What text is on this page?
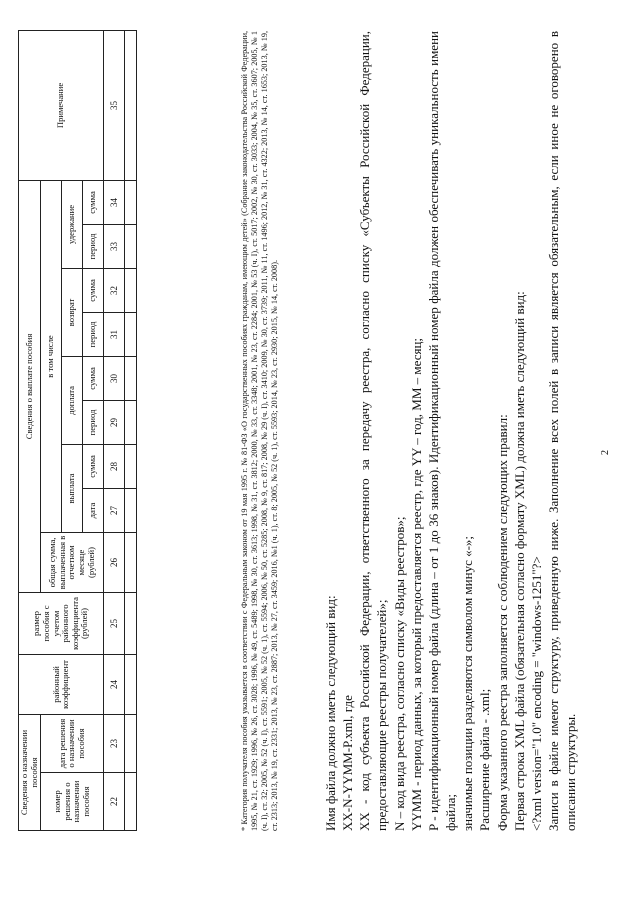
Сведения о назначении пособия		районный коэффициент	размер пособия с учетом районного коэффициента (рублей)	Сведения о выплате пособия									Примечание
номер решения о назначении пособия	дата решения о назначении пособия			общая сумма, выплаченная в отчетном месяце (рублей)	в том числе								
					выплата		доплата		возврат		удержание		
					дата	сумма	период	сумма	период	сумма	период	сумма	
22	23	24	25	26	27	28	29	30	31	32	33	34	35
														* Категория получателя пособия указывается в соответствии с Федеральным законом от 19 мая 1995 г. № 81-ФЗ «О государственных пособиях гражданам, имеющим детей» (Собрание законодательства Российской Федерации, 1995, № 21, ст. 1929; 1996, № 26, ст. 3028; 1996, № 49, ст. 5489; 1998, № 30, ст. 3613; 1998, № 31, ст. 3812; 2000, № 33, ст. 3348; 2001, № 23, ст. 2284; 2001, № 53 (ч. I), ст. 5017; 2002, № 30, ст. 3033; 2004, № 35, ст. 3607; 2005, № 1 (ч. I), ст. 32; 2005, № 52 (ч. I), ст. 5591; 2005, № 52 (ч. 1), ст. 5594; 2006, № 50, ст. 5285; 2008, № 9, ст. 817; 2008, № 29 (ч. I), ст. 3410; 2009, № 30, ст. 3739; 2011, № 11, ст. 1496; 2012, № 31, ст. 4322; 2013, № 14, ст. 1653; 2013, № 19, ст. 2313; 2013, № 19, ст. 2331; 2013, № 23, ст. 2887; 2013, № 27, ст. 3459; 2016, №1 (ч. 1), ст. 8; 2005, № 52 (ч. 1), ст. 5593; 2014, № 23, ст. 2930; 2015, № 14, ст. 2008).	Имя файла должно иметь следующий вид: XX-N-YYMM-P.xml, где XX - код субъекта Российской Федерации, ответственного за передачу реестра, согласно списку «Субъекты Российской Федерации, предоставляющие реестры получателей»; N – код вида реестра, согласно списку «Виды реестров»; YYMM - период данных, за который предоставляется реестр, где YY – год, MM – месяц; P - идентификационный номер файла (длина – от 1 до 36 знаков). Идентификационный номер файла должен обеспечивать уникальность имени файла; значимые позиции разделяются символом минус «-»; Расширение файла - .xml; Форма указанного реестра заполняется с соблюдением следующих правил: Первая строка XML файла (обязательная согласно формату XML) должна иметь следующий вид: <?xml version="1.0" encoding = "windows-1251"?> Записи в файле имеют структуру, приведенную ниже. Заполнение всех полей в записи является обязательным, если иное не оговорено в описании структуры.

2
